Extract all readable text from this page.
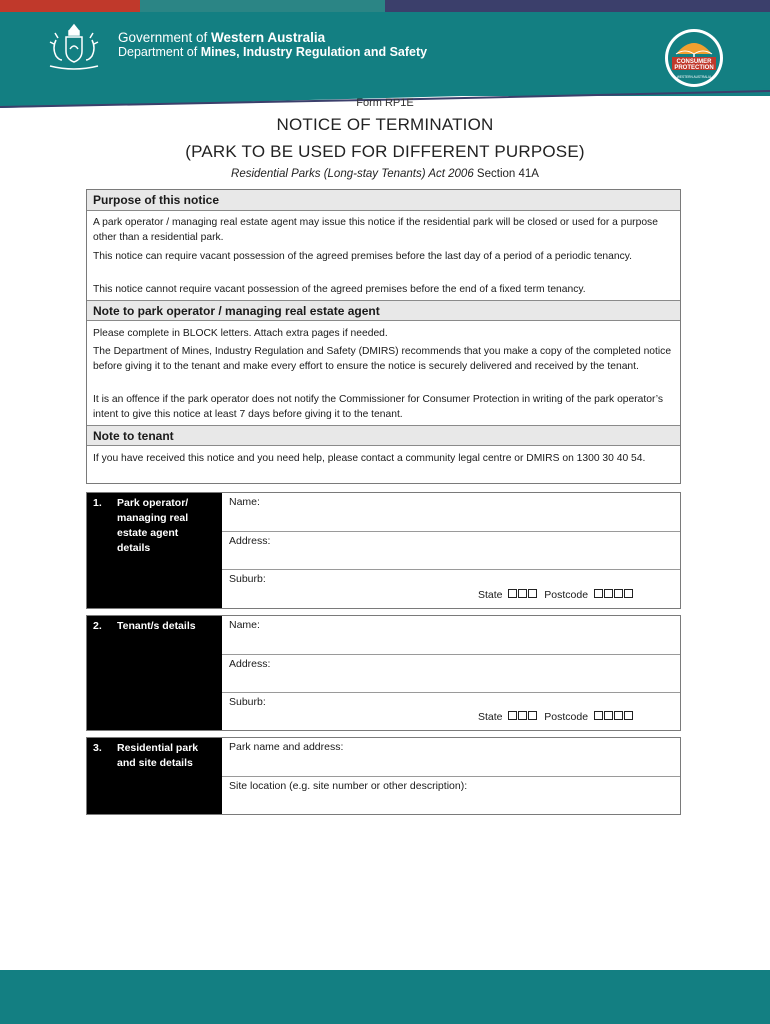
Government of Western Australia
Department of Mines, Industry Regulation and Safety
CONSUMER
PROTECTION
WESTERN AUSTRALIA
Form RP1E
NOTICE OF TERMINATION
(PARK TO BE USED FOR DIFFERENT PURPOSE)
Residential Parks (Long-stay Tenants) Act 2006 Section 41A
Purpose of this notice
A park operator / managing real estate agent may issue this notice if the residential park will be closed or used for a purpose other than a residential park.
This notice can require vacant possession of the agreed premises before the last day of a period of a periodic tenancy.
This notice cannot require vacant possession of the agreed premises before the end of a fixed term tenancy.
Note to park operator / managing real estate agent
Please complete in BLOCK letters. Attach extra pages if needed.
The Department of Mines, Industry Regulation and Safety (DMIRS) recommends that you make a copy of the completed notice before giving it to the tenant and make every effort to ensure the notice is securely delivered and received by the tenant.
It is an offence if the park operator does not notify the Commissioner for Consumer Protection in writing of the park operator’s intent to give this notice at least 7 days before giving it to the tenant.
Note to tenant
If you have received this notice and you need help, please contact a community legal centre or DMIRS on 1300 30 40 54.
1. Park operator/ managing real estate agent details
Name:
Address:
Suburb:
State	Postcode
2. Tenant/s details	Name:
Address:
Suburb:
State	Postcode
3. Residential park and site details
Park name and address:
Site location (e.g. site number or other description):
